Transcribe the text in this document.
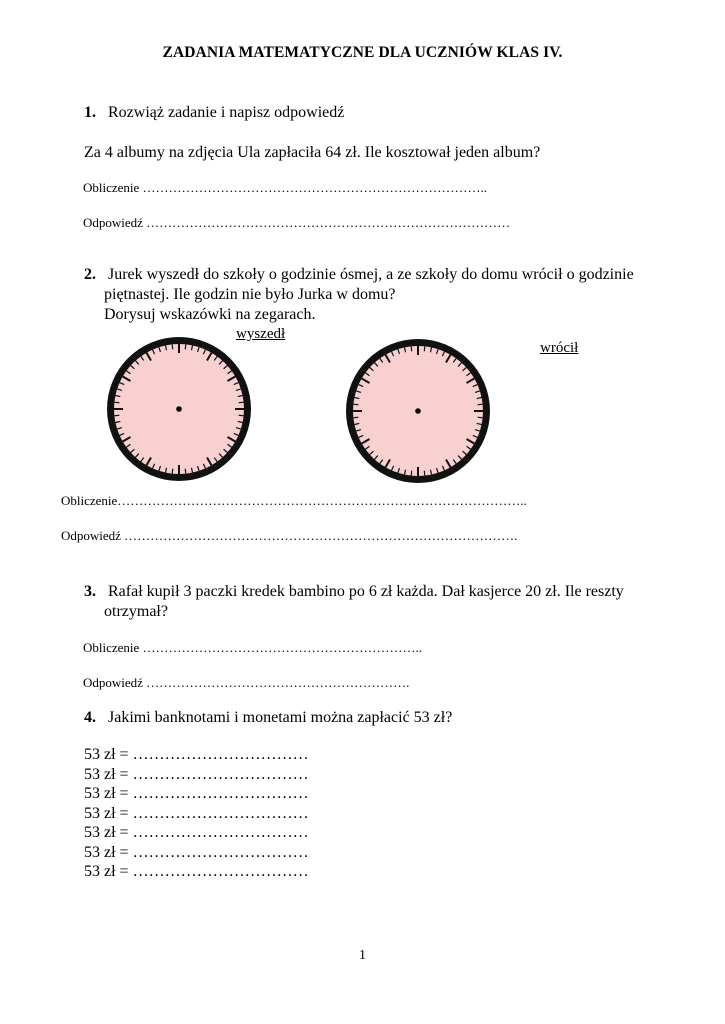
ZADANIA MATEMATYCZNE DLA UCZNIÓW KLAS IV.
1. Rozwiąż zadanie i napisz odpowiedź
Za 4 albumy na zdjęcia Ula zapłaciła 64 zł. Ile kosztował jeden album?
Obliczenie ……………………………………………………………………..
Odpowiedź …………………………………………………………………………
2. Jurek wyszedł do szkoły o godzinie ósmej, a ze szkoły do domu wrócił o godzinie
piętnastej. Ile godzin nie było Jurka w domu?
Dorysuj wskazówki na zegarach.
wyszedł
wrócił
Obliczenie…………………………………………………………………………………..
Odpowiedź ……………………………………………………………………………….
3. Rafał kupił 3 paczki kredek bambino po 6 zł każda. Dał kasjerce 20 zł. Ile reszty
otrzymał?
Obliczenie ………………………………………………………..
Odpowiedź …………………………………………………….
4. Jakimi banknotami i monetami można zapłacić 53 zł?
53 zł = ……………………………
53 zł = ……………………………
53 zł = ……………………………
53 zł = ……………………………
53 zł = ……………………………
53 zł = ……………………………
53 zł = ……………………………
1
